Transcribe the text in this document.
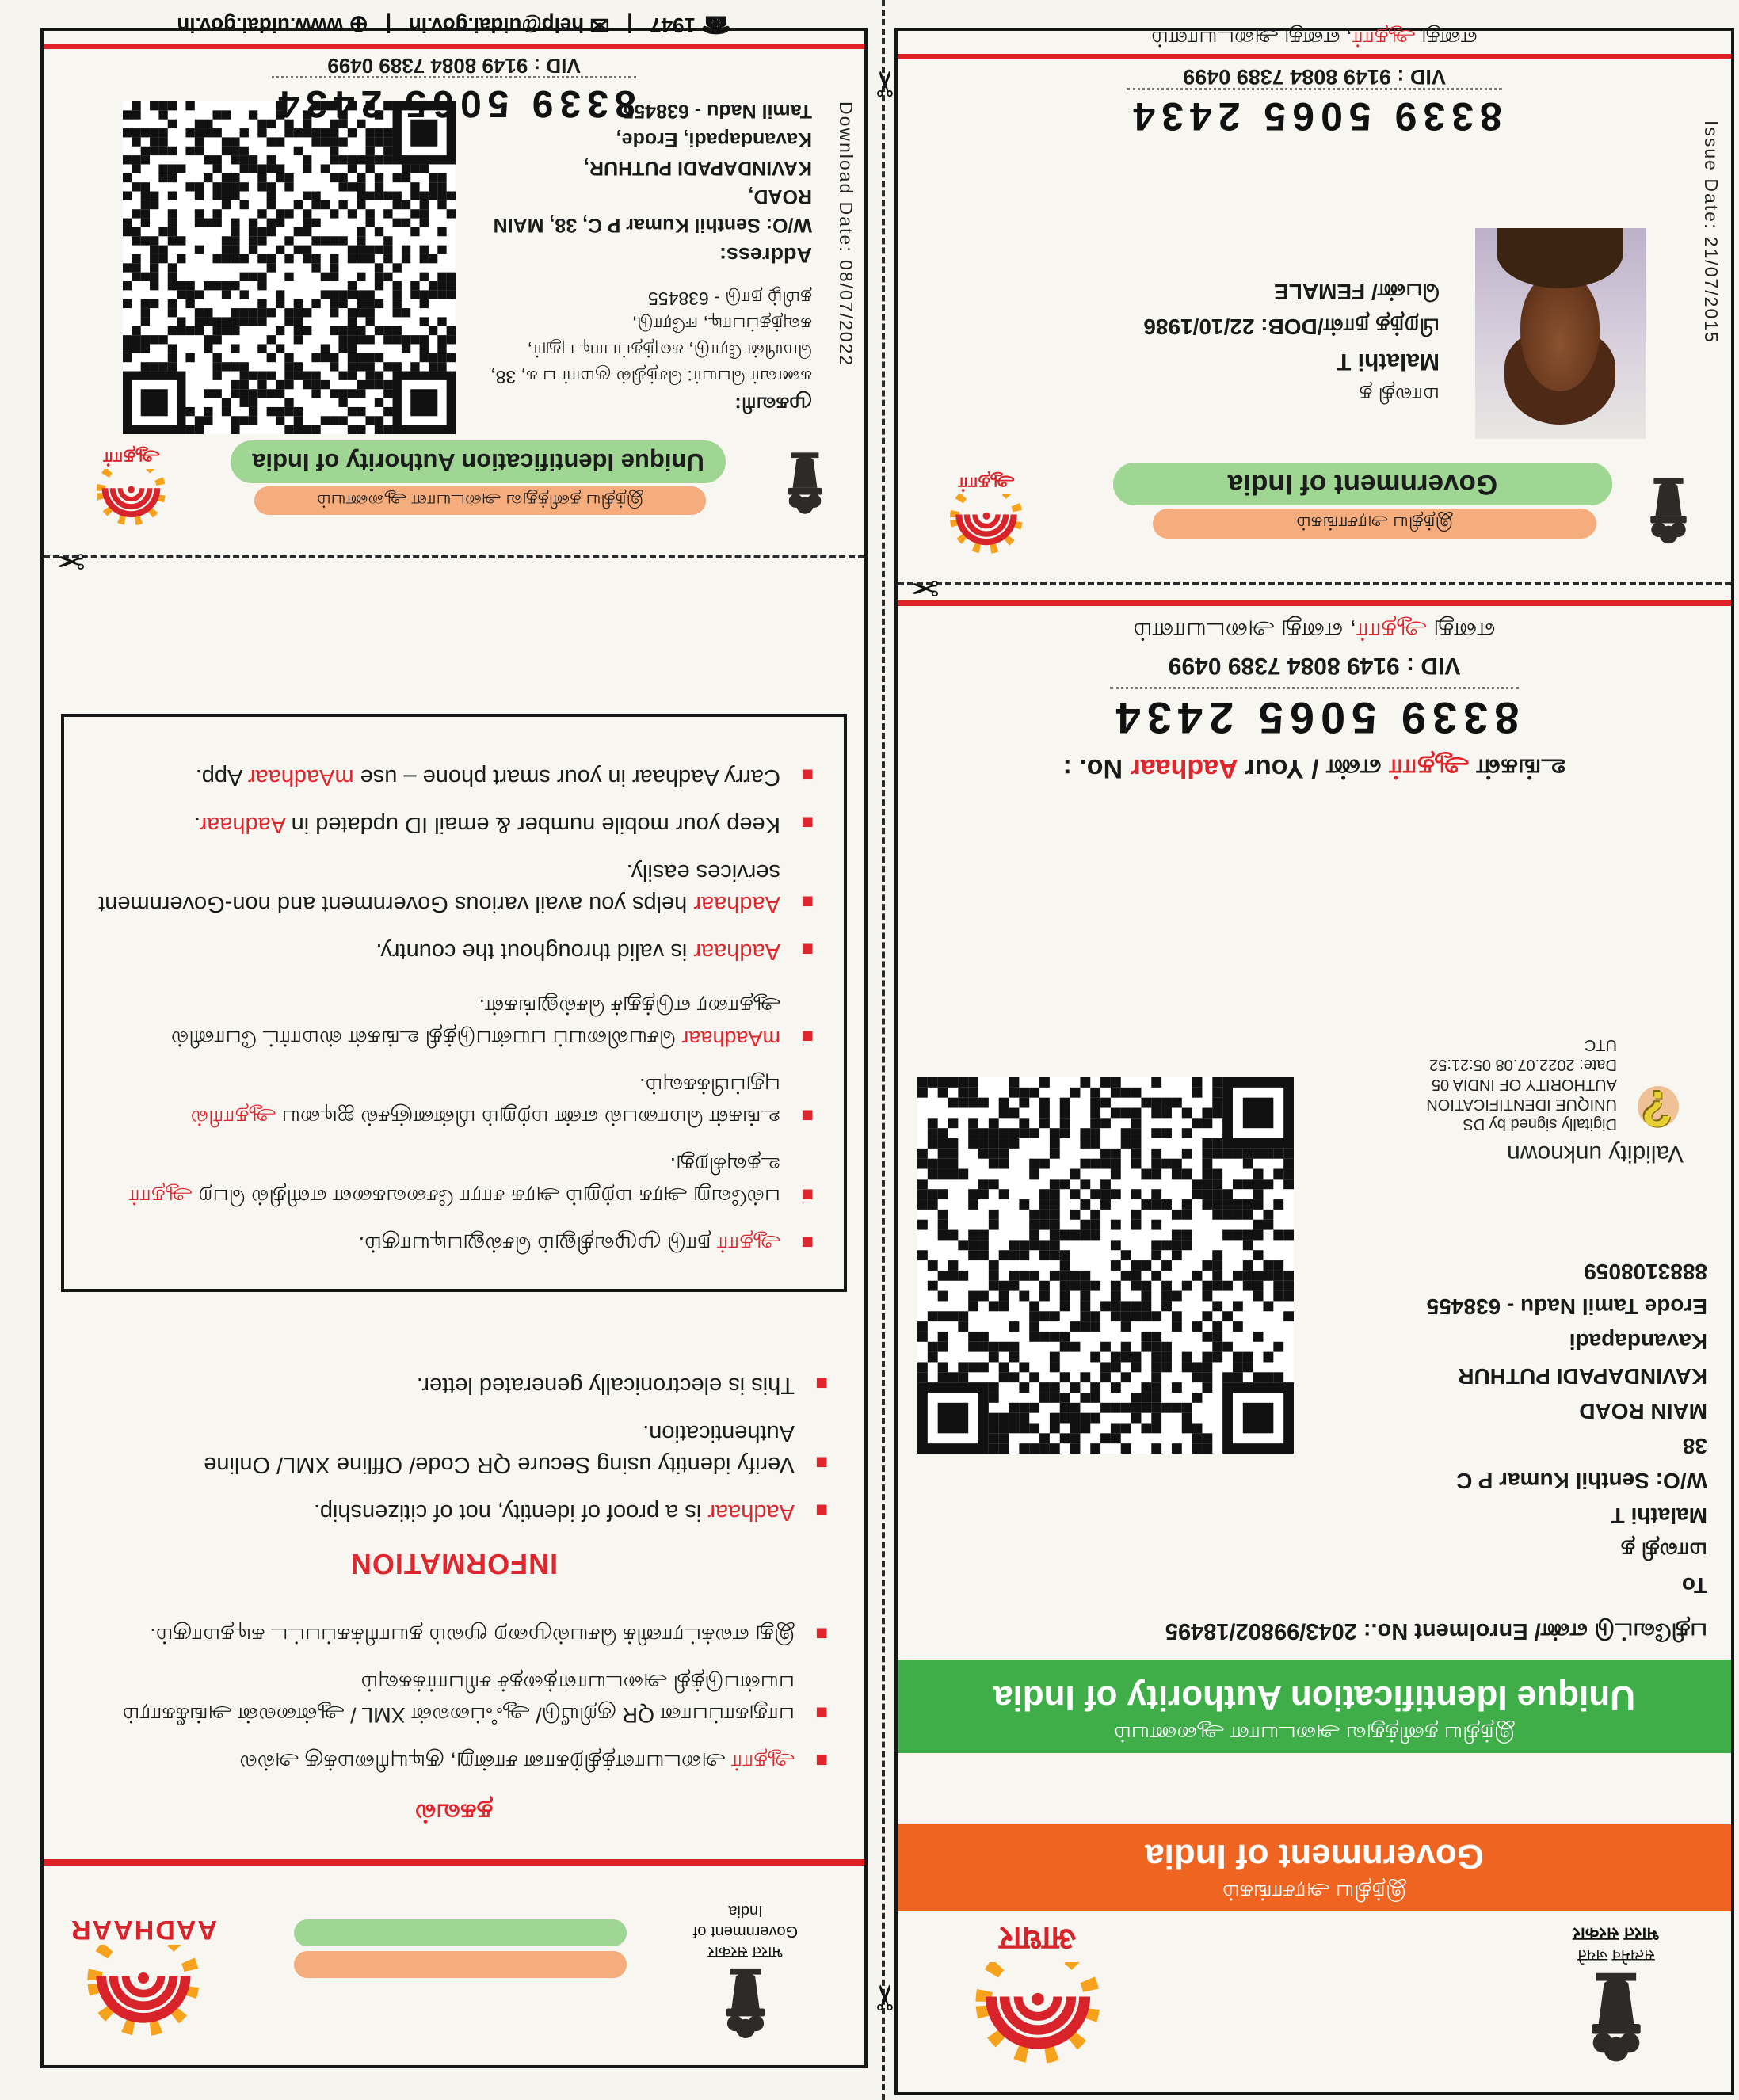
सत्यमेव जयते
भारत सरकार
आधार
இந்திய அரசாங்கம்
Government of India
இந்திய தனித்துவ அடையாள ஆணையம்
Unique Identification Authority of India
பதிவேட்டு எண்/ Enrolment No.: 2043/99802/18495
To
மாலதி த
Malathi T
W/O: Senthil Kumar P C
38
MAIN ROAD
KAVINDAPADI PUTHUR
Kavandapadi
Erode Tamil Nadu - 638455
8883108059
Validity unknown
?
Digitally signed by DS
UNIQUE IDENTIFICATION
AUTHORITY OF INDIA 05
Date: 2022.07.08 05:21:52
UTC
உங்கள் ஆதார் எண் / Your Aadhaar No. :
8339 5065 2434
VID : 9149 8084 7389 0499
எனது ஆதார், எனது அடையாளம்
✂
Issue Date: 21/07/2015
இந்திய அரசாங்கம்
Government of India
ஆதார்
மாலதி த
Malathi T
பிறந்த நாள்/DOB: 22/10/1986
பெண்/ FEMALE
8339 5065 2434
VID : 9149 8084 7389 0499
எனது ஆதார், எனது அடையாளம்
भारत सरकार
Government of India
AADHAAR
தகவல்
■ ஆதார் அடையாளத்திற்கான சான்று, குடியுரிமைக்கு அல்ல
■ பாதுகாப்பான QR குறியீடு/ ஆஃப்லைன் XML / ஆன்லைன் அங்கீகாரம் பயன்படுத்தி அடையாளத்தைச் சரிபார்க்கவும்
■ இது எலக்ட்ரானிக் செயல்முறை மூலம் தயாரிக்கப்பட்ட கடிதமாகும்.
INFORMATION
■ Aadhaar is a proof of identity, not of citizenship.
■ Verify identity using Secure QR Code/ Offline XML/ Online Authentication.
■ This is electronically generated letter.
■ ஆதார் நாடு முழுவதிலும் செல்லுபடியாகும்.
■ பல்வேறு அரசு மற்றும் அரசு சாரா சேவைகளை எளிதில் பெற ஆதார் உதவுகிறது.
■ உங்கள் மொபைல் எண் மற்றும் மின்னஞ்சல் ஐடியை ஆதாரில் புதுப்பிக்கவும்.
■ mAadhaar செயலியைப் பயன்படுத்தி உங்கள் ஸ்மார்ட் போனில் ஆதாரை எடுத்துச் செல்லுங்கள்.
■ Aadhaar is valid throughout the country.
■ Aadhaar helps you avail various Government and non-Government services easily.
■ Keep your mobile number & email ID updated in Aadhaar.
■ Carry Aadhaar in your smart phone – use mAadhaar App.
✂
Download Date: 08/07/2022
இந்திய தனித்துவ அடையாள ஆணையம்
Unique Identification Authority of India
ஆதார்
முகவரி:
கணவர் பெயர்: செந்தில் குமார் ப க, 38,
மெயின் ரோடு, கவுந்தப்பாடி புதூர்,
கவுந்தப்பாடி, ஈரோடு,
தமிழ் நாடு - 638455
Address:
W/O: Senthil Kumar P C, 38, MAIN ROAD,
KAVINDAPADI PUTHUR, Kavandapadi, Erode,
Tamil Nadu - 638455
8339 5065 2434
VID : 9149 8084 7389 0499
☎ 1947   |   ✉ help@uidai.gov.in   |   ⊕ www.uidai.gov.in
✂
✂
